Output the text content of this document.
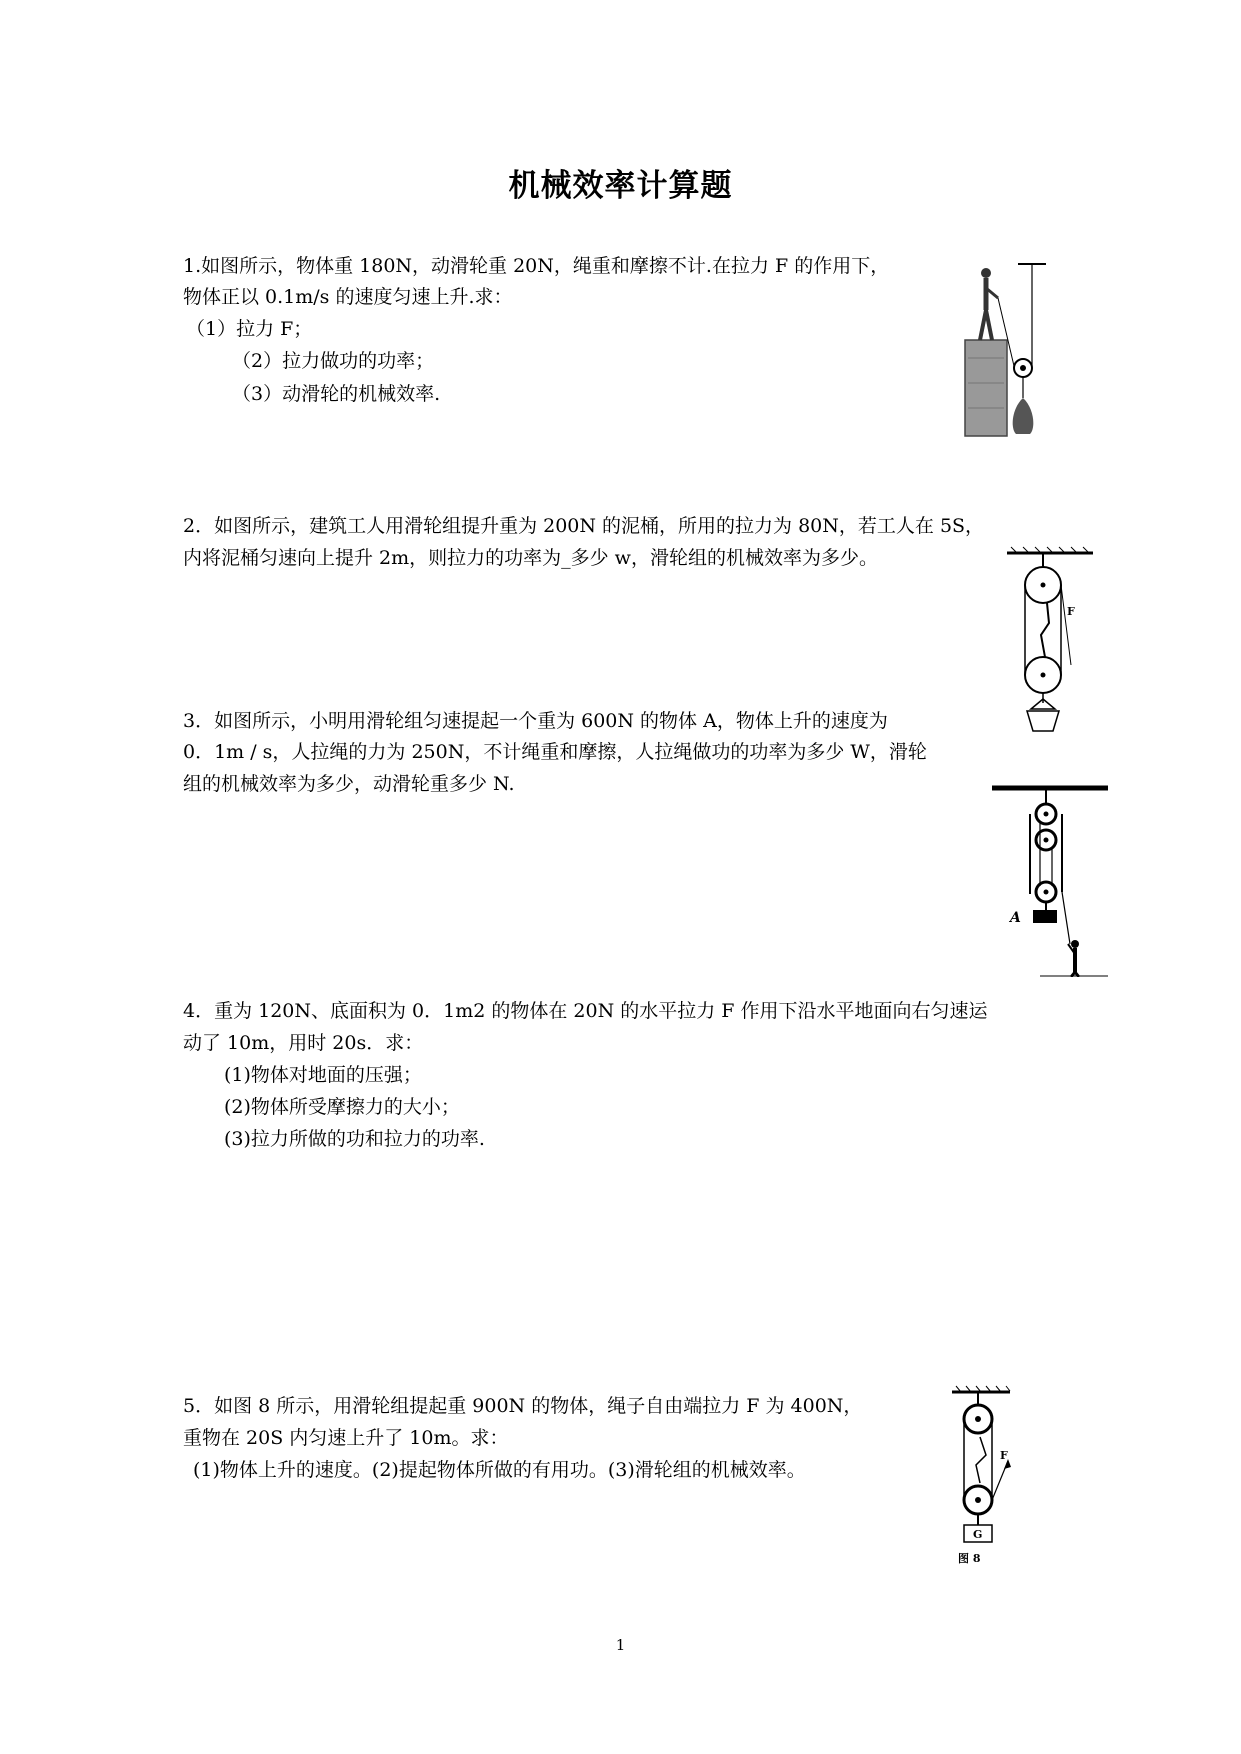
机械效率计算题
1.如图所示，物体重 180N，动滑轮重 20N，绳重和摩擦不计.在拉力 F 的作用下，
物体正以 0.1m/s 的速度匀速上升.求：
（1）拉力 F；
（2）拉力做功的功率；
（3）动滑轮的机械效率.
2．如图所示，建筑工人用滑轮组提升重为 200N 的泥桶，所用的拉力为 80N，若工人在 5S，
内将泥桶匀速向上提升 2m，则拉力的功率为_多少 w，滑轮组的机械效率为多少。
F
3．如图所示，小明用滑轮组匀速提起一个重为 600N 的物体 A，物体上升的速度为
0．1m / s，人拉绳的力为 250N，不计绳重和摩擦，人拉绳做功的功率为多少 W，滑轮
组的机械效率为多少，动滑轮重多少 N.
A
4．重为 120N、底面积为 0．1m2 的物体在 20N 的水平拉力 F 作用下沿水平地面向右匀速运
动了 10m，用时 20s．求：
(1)物体对地面的压强；
(2)物体所受摩擦力的大小；
(3)拉力所做的功和拉力的功率.
5．如图 8 所示，用滑轮组提起重 900N 的物体，绳子自由端拉力 F 为 400N，
重物在 20S 内匀速上升了 10m。求：
(1)物体上升的速度。(2)提起物体所做的有用功。(3)滑轮组的机械效率。
F
G
图 8
1
